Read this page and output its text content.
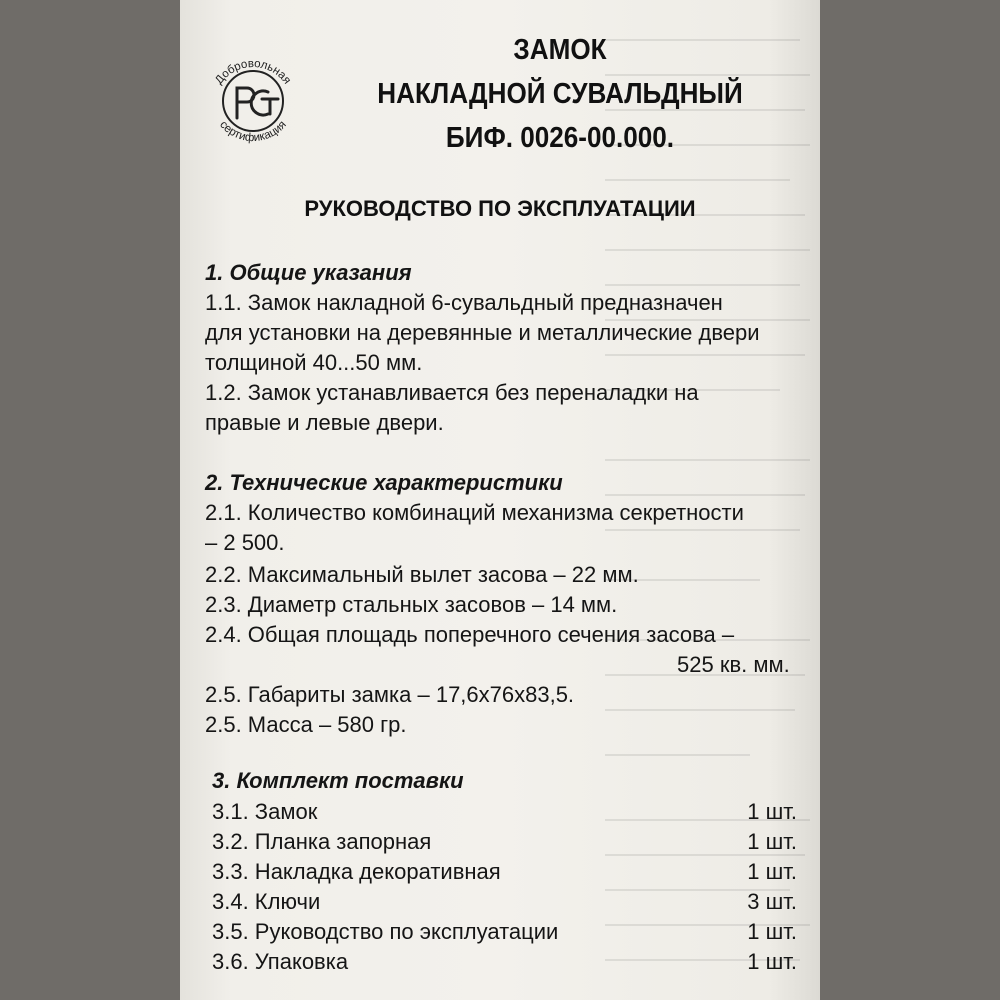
Добровольная
сертификация
ЗАМОК
НАКЛАДНОЙ СУВАЛЬДНЫЙ
БИФ. 0026-00.000.
РУКОВОДСТВО ПО ЭКСПЛУАТАЦИИ
1. Общие указания
1.1. Замок накладной 6-сувальдный предназначен
для установки на деревянные и металлические двери
толщиной 40...50 мм.
1.2. Замок устанавливается без переналадки на
правые и левые двери.
2. Технические характеристики
2.1. Количество комбинаций механизма секретности
– 2 500.
2.2. Максимальный вылет засова – 22 мм.
2.3. Диаметр стальных засовов – 14 мм.
2.4. Общая площадь поперечного сечения засова –
525 кв. мм.
2.5. Габариты замка – 17,6x76x83,5.
2.5. Масса – 580 гр.
3. Комплект поставки
3.1. Замок	1 шт.
3.2. Планка запорная	1 шт.
3.3. Накладка декоративная	1 шт.
3.4. Ключи	3 шт.
3.5. Руководство по эксплуатации	1 шт.
3.6. Упаковка	1 шт.
